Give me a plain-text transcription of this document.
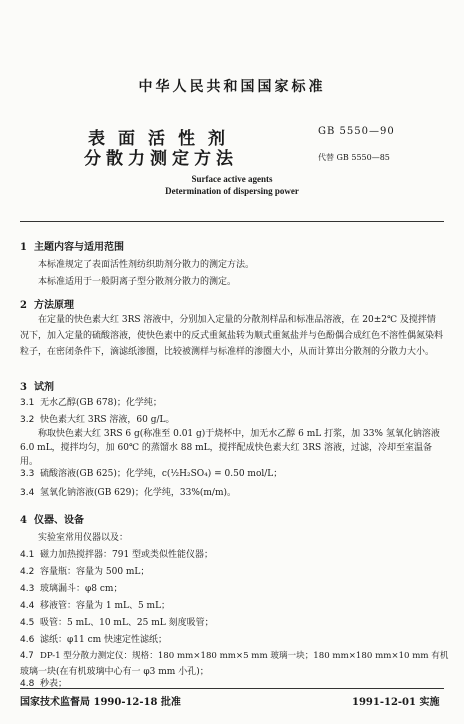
中华人民共和国国家标准
表面活性剂
分散力测定方法
GB 5550—90
代替 GB 5550—85
Surface active agents
Determination of dispersing power
1 主题内容与适用范围
本标准规定了表面活性剂纺织助剂分散力的测定方法。
本标准适用于一般阴离子型分散剂分散力的测定。
2 方法原理
在定量的快色素大红 3RS 溶液中，分别加入定量的分散剂样品和标准品溶液，在 20±2℃ 及搅拌情况下，加入定量的硫酸溶液，使快色素中的反式重氮盐转为顺式重氮盐并与色酚偶合成红色不溶性偶氮染料粒子，在密闭条件下，滴滤纸渗圈，比较被测样与标准样的渗圈大小，从而计算出分散剂的分散力大小。
3 试剂
3.1 无水乙醇(GB 678)；化学纯；
3.2 快色素大红 3RS 溶液，60 g/L。
称取快色素大红 3RS 6 g(称准至 0.01 g)于烧杯中，加无水乙醇 6 mL 打浆，加 33% 氢氧化钠溶液 6.0 mL，搅拌均匀，加 60℃ 的蒸馏水 88 mL，搅拌配成快色素大红 3RS 溶液，过滤，冷却至室温备用。
3.3 硫酸溶液(GB 625)；化学纯，c(½H₂SO₄) = 0.50 mol/L；
3.4 氢氧化钠溶液(GB 629)；化学纯，33%(m/m)。
4 仪器、设备
实验室常用仪器以及：
4.1 磁力加热搅拌器：791 型或类似性能仪器；
4.2 容量瓶：容量为 500 mL；
4.3 玻璃漏斗：φ8 cm；
4.4 移液管：容量为 1 mL、5 mL；
4.5 吸管：5 mL、10 mL、25 mL 刻度吸管；
4.6 滤纸：φ11 cm 快速定性滤纸；
4.7 DP-1 型分散力测定仪：规格：180 mm×180 mm×5 mm 玻璃一块；180 mm×180 mm×10 mm 有机
玻璃一块(在有机玻璃中心有一 φ3 mm 小孔)；
4.8 秒表；
国家技术监督局 1990-12-18 批准	1991-12-01 实施
